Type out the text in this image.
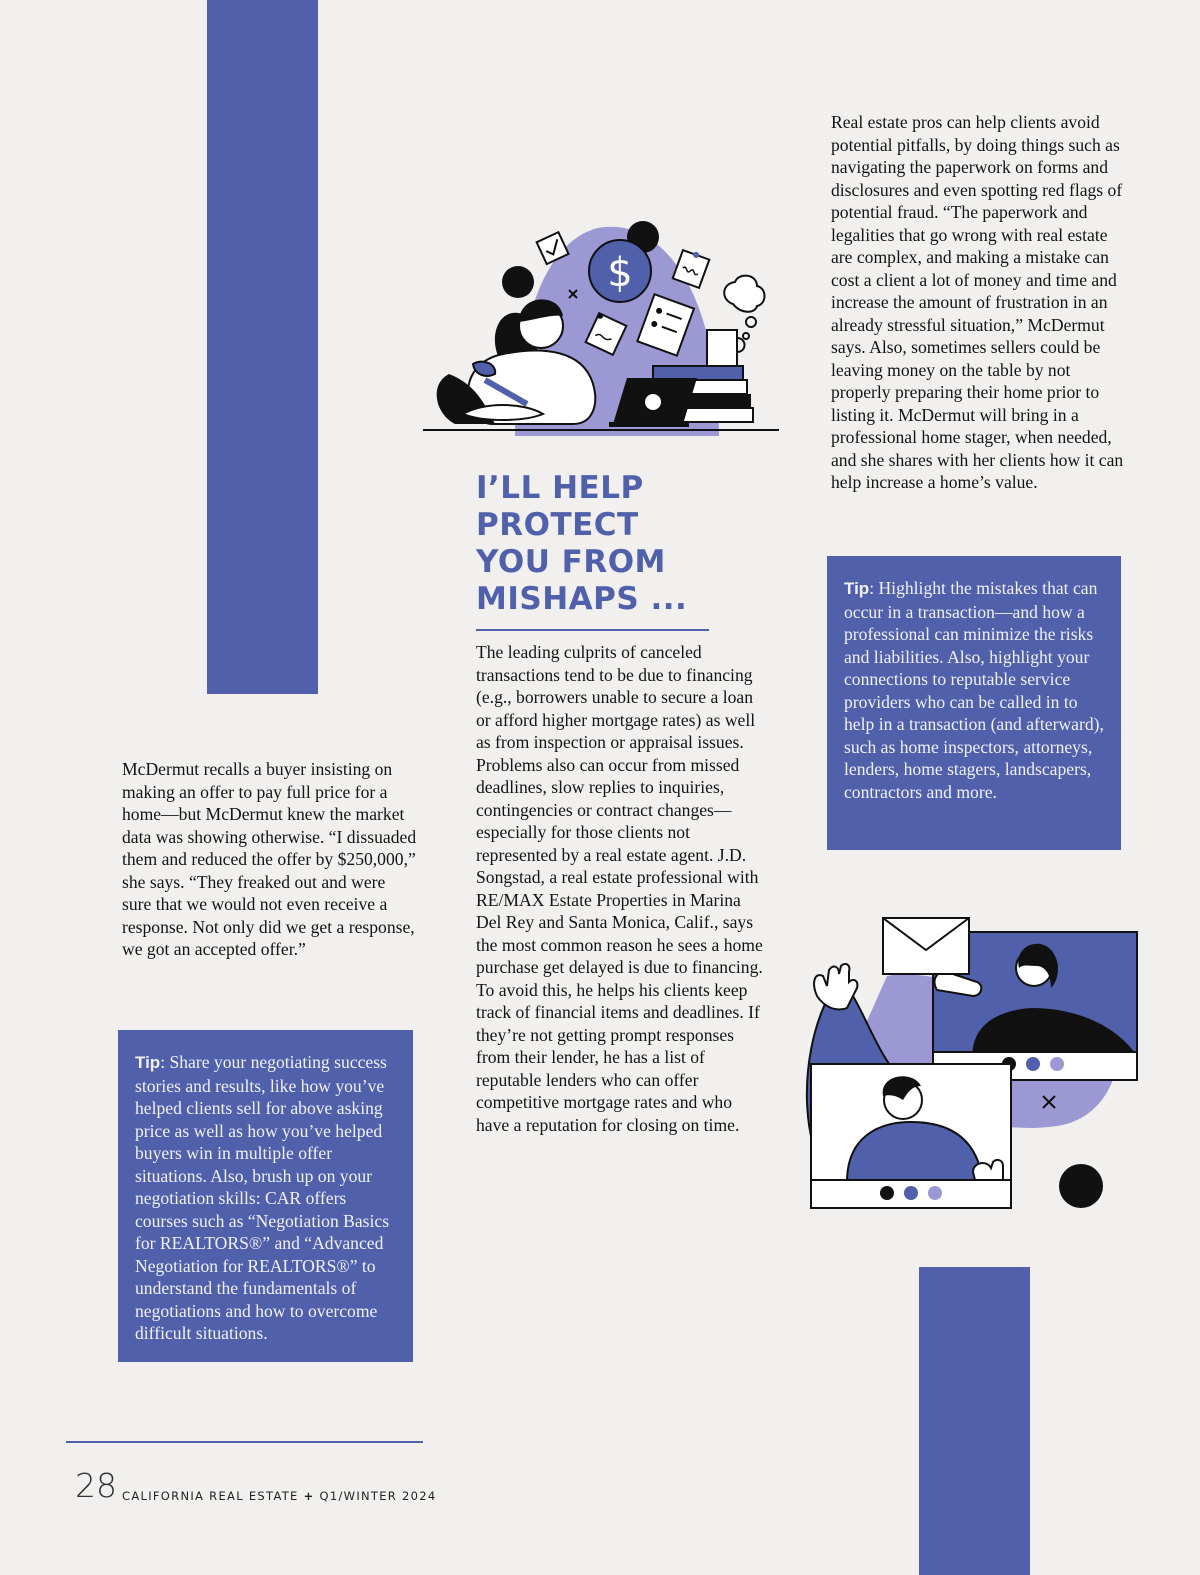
$

McDermut recalls a buyer insisting on making an offer to pay full price for a home—but McDermut knew the market data was showing otherwise. “I dissuaded them and reduced the offer by $250,000,” she says. “They freaked out and were sure that we would not even receive a response. Not only did we get a response, we got an accepted offer.”

Tip: Share your negotiating success stories and results, like how you’ve helped clients sell for above asking price as well as how you’ve helped buyers win in multiple offer situations. Also, brush up on your negotiation skills: CAR offers courses such as “Negotiation Basics for REALTORS®” and “Advanced Negotiation for REALTORS®” to understand the fundamentals of negotiations and how to overcome difficult situations.
I’LL HELP
PROTECT
YOU FROM
MISHAPS ...

The leading culprits of canceled transactions tend to be due to financing (e.g., borrowers unable to secure a loan or afford higher mortgage rates) as well as from inspection or appraisal issues. Problems also can occur from missed deadlines, slow replies to inquiries, contingencies or contract changes—especially for those clients not represented by a real estate agent. J.D. Songstad, a real estate professional with RE/MAX Estate Properties in Marina Del Rey and Santa Monica, Calif., says the most common reason he sees a home purchase get delayed is due to financing. To avoid this, he helps his clients keep track of financial items and deadlines. If they’re not getting prompt responses from their lender, he has a list of reputable lenders who can offer competitive mortgage rates and who have a reputation for closing on time.

Real estate pros can help clients avoid potential pitfalls, by doing things such as navigating the paperwork on forms and disclosures and even spotting red flags of potential fraud. “The paperwork and legalities that go wrong with real estate are complex, and making a mistake can cost a client a lot of money and time and increase the amount of frustration in an already stressful situation,” McDermut says. Also, sometimes sellers could be leaving money on the table by not properly preparing their home prior to listing it. McDermut will bring in a professional home stager, when needed, and she shares with her clients how it can help increase a home’s value.

Tip: Highlight the mistakes that can occur in a transaction—and how a professional can minimize the risks and liabilities. Also, highlight your connections to reputable service providers who can be called in to help in a transaction (and afterward), such as home inspectors, attorneys, lenders, home stagers, landscapers, contractors and more.
28 CALIFORNIA REAL ESTATE + Q1/WINTER 2024
